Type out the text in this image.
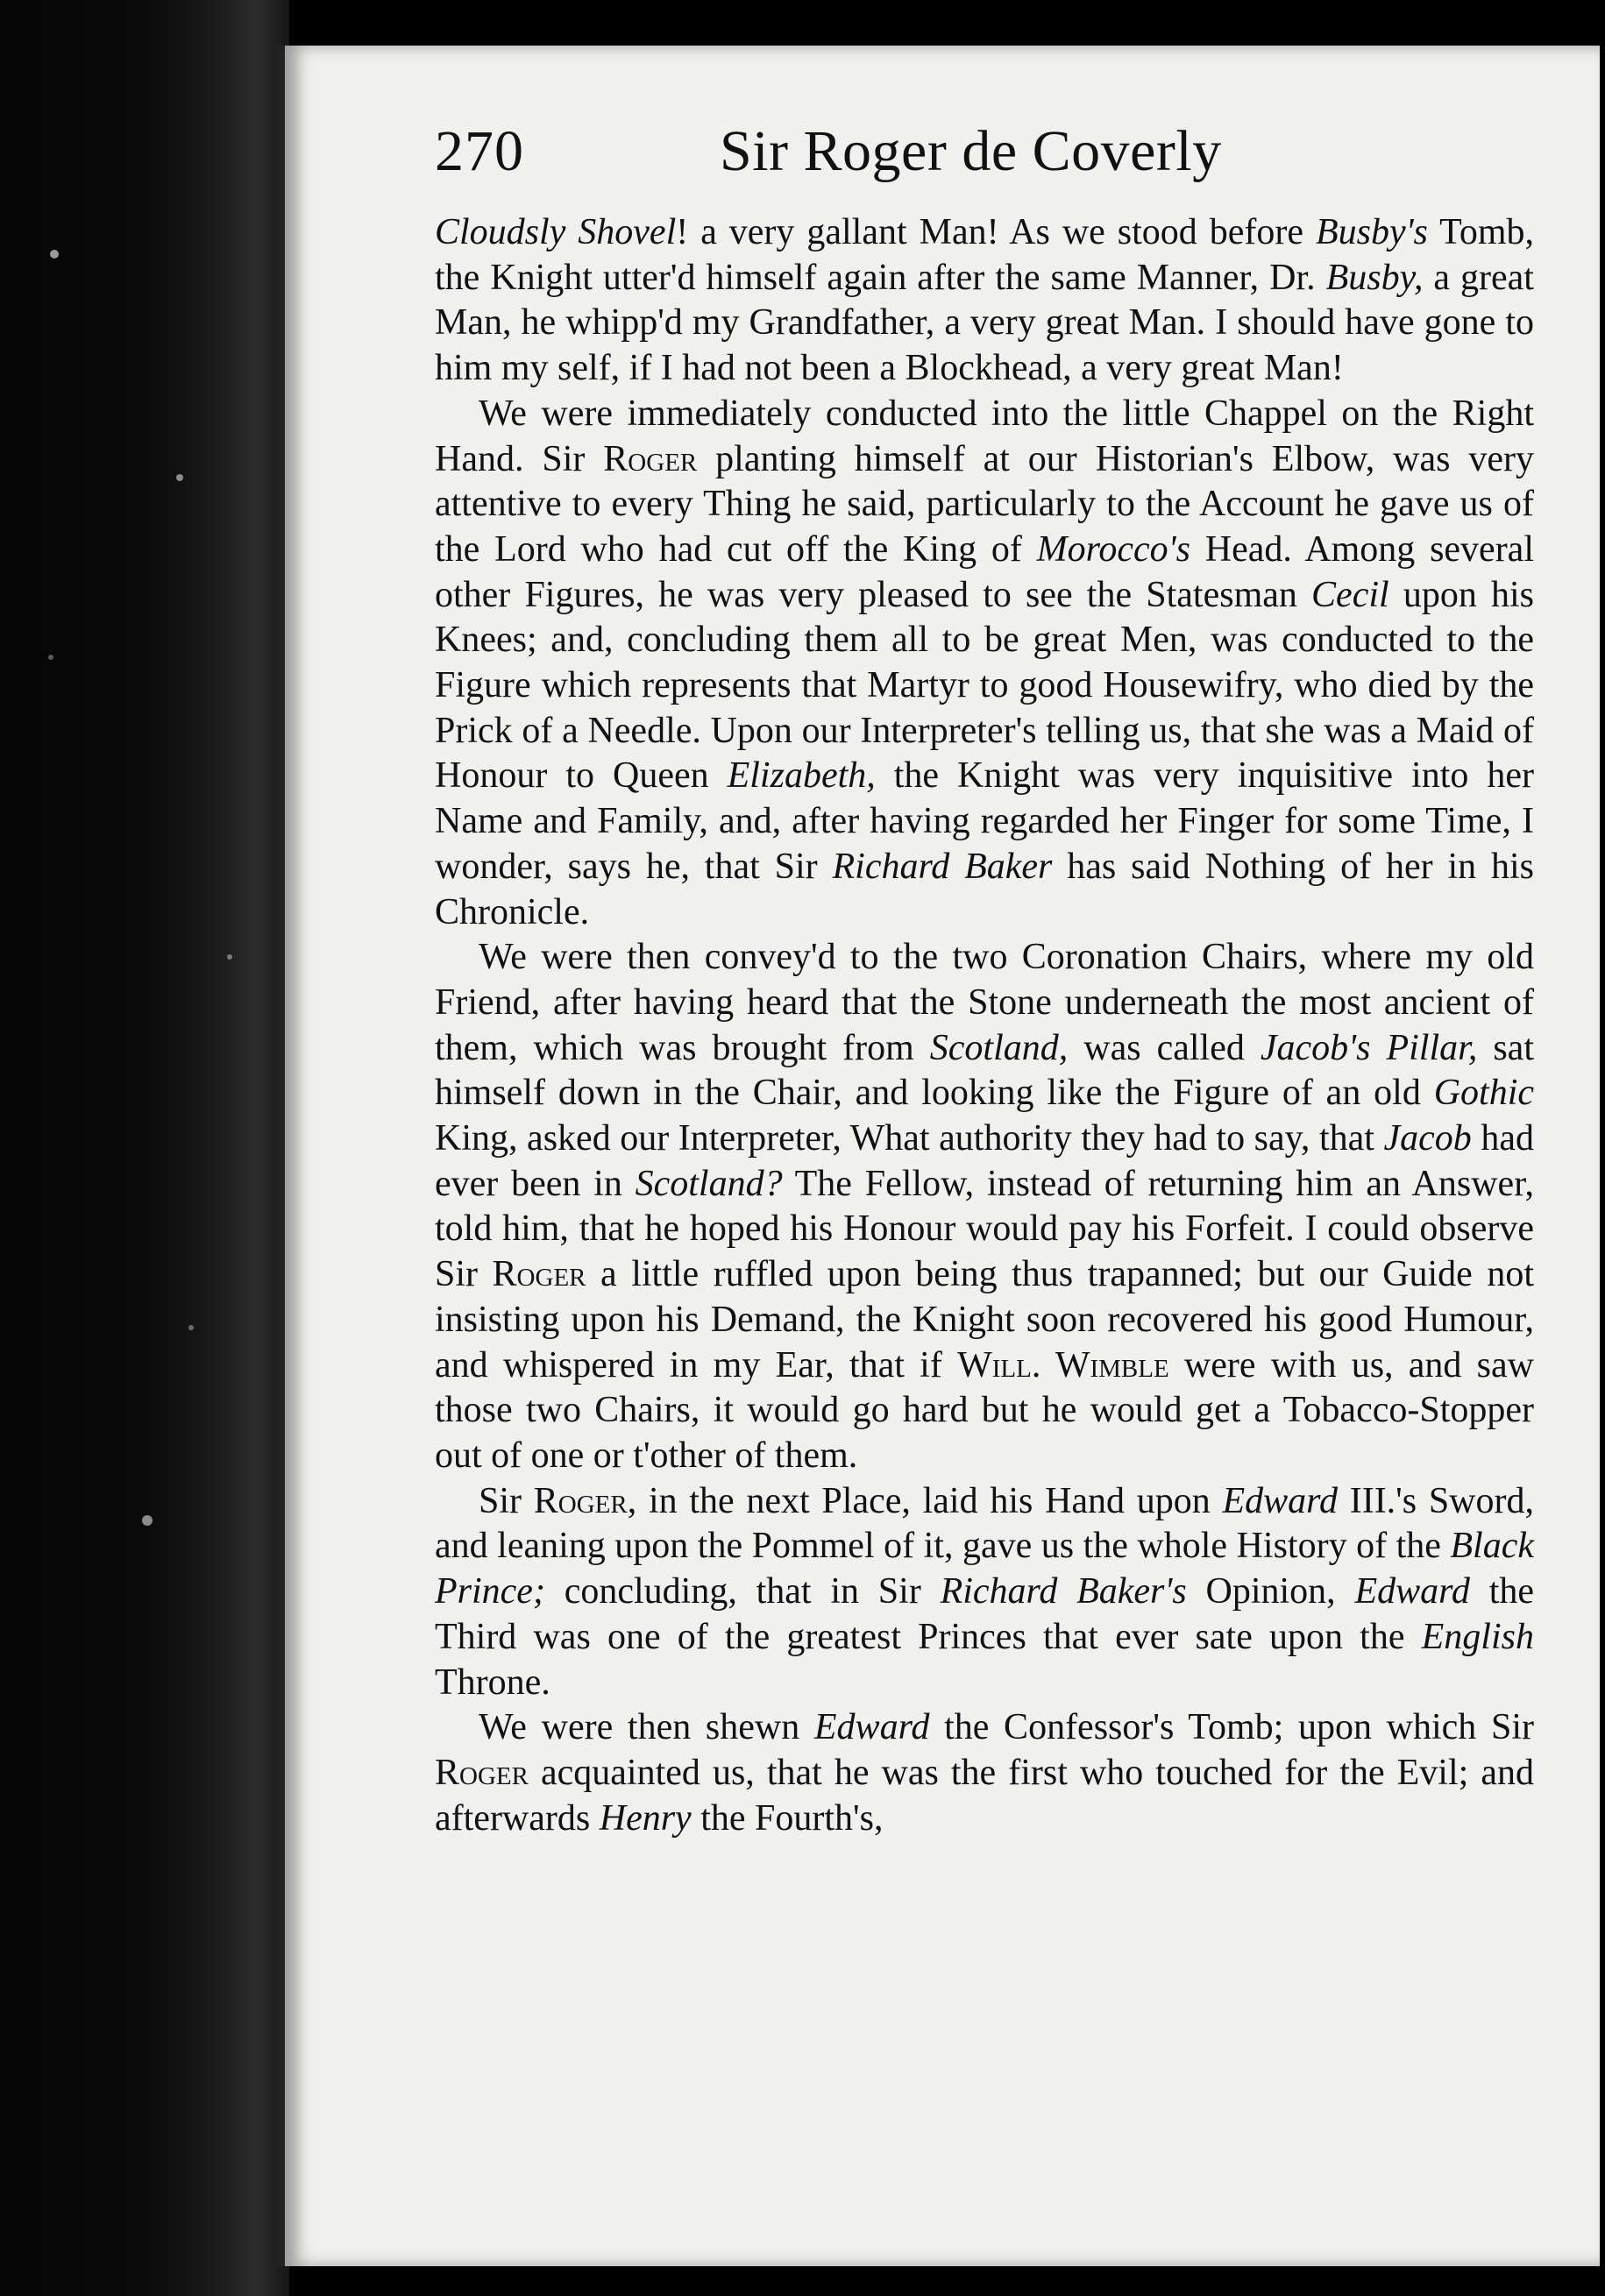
270	Sir Roger de Coverly

Cloudsly Shovel! a very gallant Man! As we stood before Busby's Tomb, the Knight utter'd himself again after the same Manner, Dr. Busby, a great Man, he whipp'd my Grandfather, a very great Man. I should have gone to him my self, if I had not been a Blockhead, a very great Man!

We were immediately conducted into the little Chappel on the Right Hand. Sir Roger planting himself at our Historian's Elbow, was very attentive to every Thing he said, particularly to the Account he gave us of the Lord who had cut off the King of Morocco's Head. Among several other Figures, he was very pleased to see the Statesman Cecil upon his Knees; and, concluding them all to be great Men, was conducted to the Figure which represents that Martyr to good Housewifry, who died by the Prick of a Needle. Upon our Interpreter's telling us, that she was a Maid of Honour to Queen Elizabeth, the Knight was very inquisitive into her Name and Family, and, after having regarded her Finger for some Time, I wonder, says he, that Sir Richard Baker has said Nothing of her in his Chronicle.

We were then convey'd to the two Coronation Chairs, where my old Friend, after having heard that the Stone underneath the most ancient of them, which was brought from Scotland, was called Jacob's Pillar, sat himself down in the Chair, and looking like the Figure of an old Gothic King, asked our Interpreter, What authority they had to say, that Jacob had ever been in Scotland? The Fellow, instead of returning him an Answer, told him, that he hoped his Honour would pay his Forfeit. I could observe Sir Roger a little ruffled upon being thus trapanned; but our Guide not insisting upon his Demand, the Knight soon recovered his good Humour, and whispered in my Ear, that if Will. Wimble were with us, and saw those two Chairs, it would go hard but he would get a Tobacco-Stopper out of one or t'other of them.

Sir Roger, in the next Place, laid his Hand upon Edward III.'s Sword, and leaning upon the Pommel of it, gave us the whole History of the Black Prince; concluding, that in Sir Richard Baker's Opinion, Edward the Third was one of the greatest Princes that ever sate upon the English Throne.

We were then shewn Edward the Confessor's Tomb; upon which Sir Roger acquainted us, that he was the first who touched for the Evil; and afterwards Henry the Fourth's,
